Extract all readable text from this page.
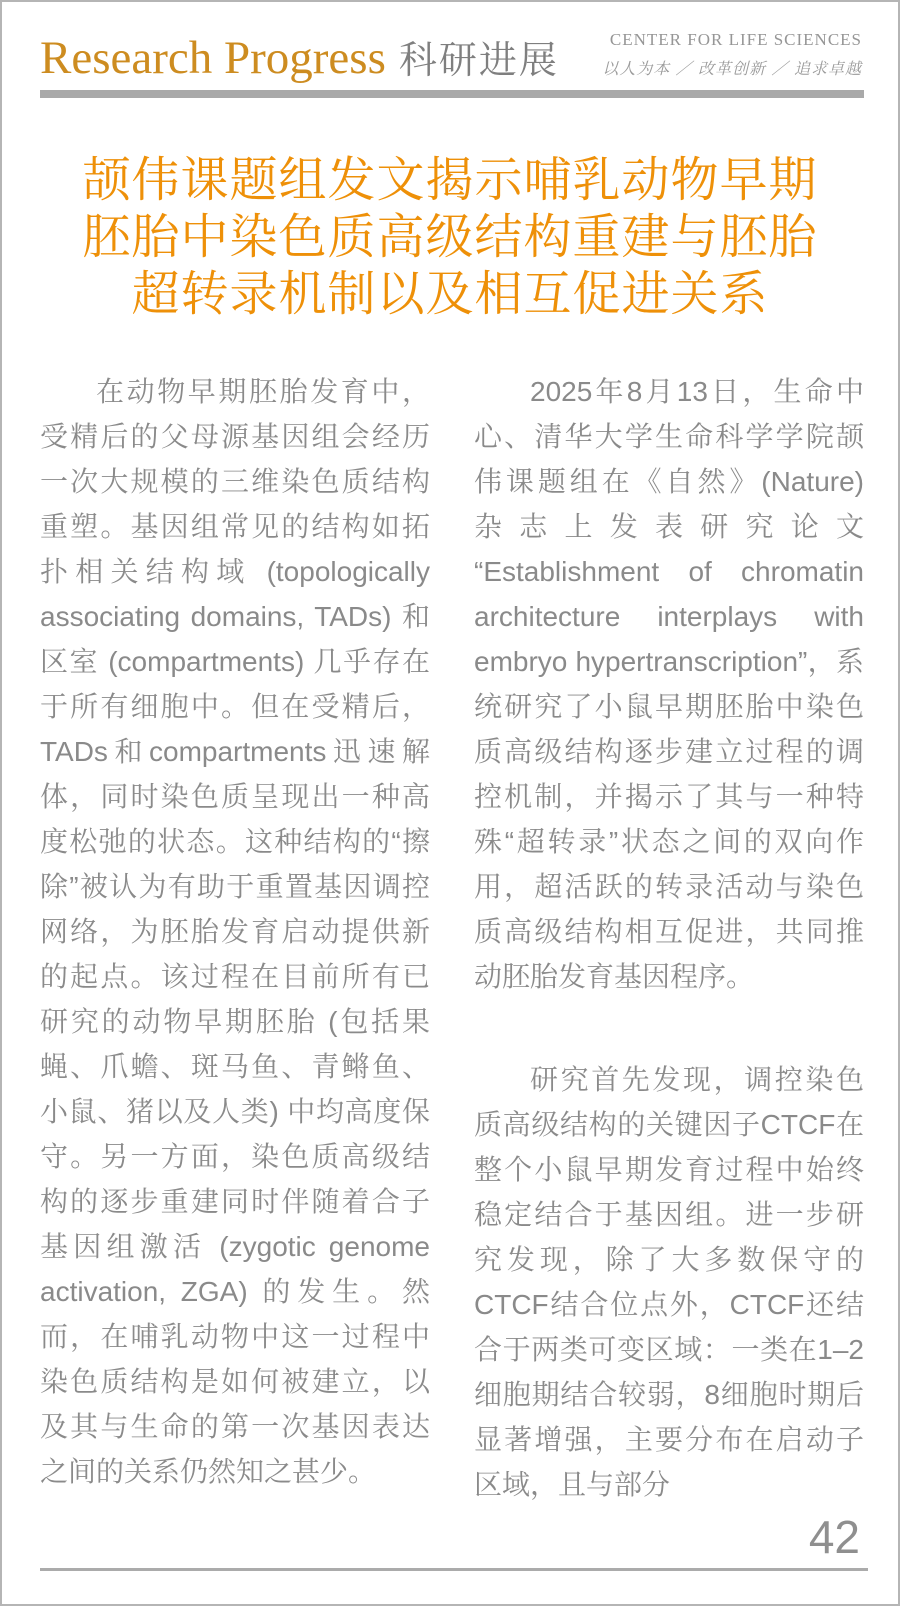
Research Progress 科研进展
CENTER FOR LIFE SCIENCES
以人为本 ／ 改革创新 ／ 追求卓越
颉伟课题组发文揭示哺乳动物早期
胚胎中染色质高级结构重建与胚胎
超转录机制以及相互促进关系

在动物早期胚胎发育中，受精后的父母源基因组会经历一次大规模的三维染色质结构重塑。基因组常见的结构如拓扑相关结构域 (topologically associating domains, TADs) 和区室 (compartments) 几乎存在于所有细胞中。但在受精后，TADs和compartments迅速解体，同时染色质呈现出一种高度松弛的状态。这种结构的“擦除”被认为有助于重置基因调控网络，为胚胎发育启动提供新的起点。该过程在目前所有已研究的动物早期胚胎 (包括果蝇、爪蟾、斑马鱼、青鳉鱼、小鼠、猪以及人类) 中均高度保守。另一方面，染色质高级结构的逐步重建同时伴随着合子基因组激活 (zygotic genome activation, ZGA) 的发生。然而，在哺乳动物中这一过程中染色质结构是如何被建立，以及其与生命的第一次基因表达之间的关系仍然知之甚少。

2025年8月13日，生命中心、清华大学生命科学学院颉伟课题组在《自然》(Nature) 杂志上发表研究论文 “Establishment of chromatin architecture interplays with embryo hypertranscription”，系统研究了小鼠早期胚胎中染色质高级结构逐步建立过程的调控机制，并揭示了其与一种特殊“超转录”状态之间的双向作用，超活跃的转录活动与染色质高级结构相互促进，共同推动胚胎发育基因程序。

研究首先发现，调控染色质高级结构的关键因子CTCF在整个小鼠早期发育过程中始终稳定结合于基因组。进一步研究发现，除了大多数保守的CTCF结合位点外，CTCF还结合于两类可变区域：一类在1–2细胞期结合较弱，8细胞时期后显著增强，主要分布在启动子区域，且与部分

42
